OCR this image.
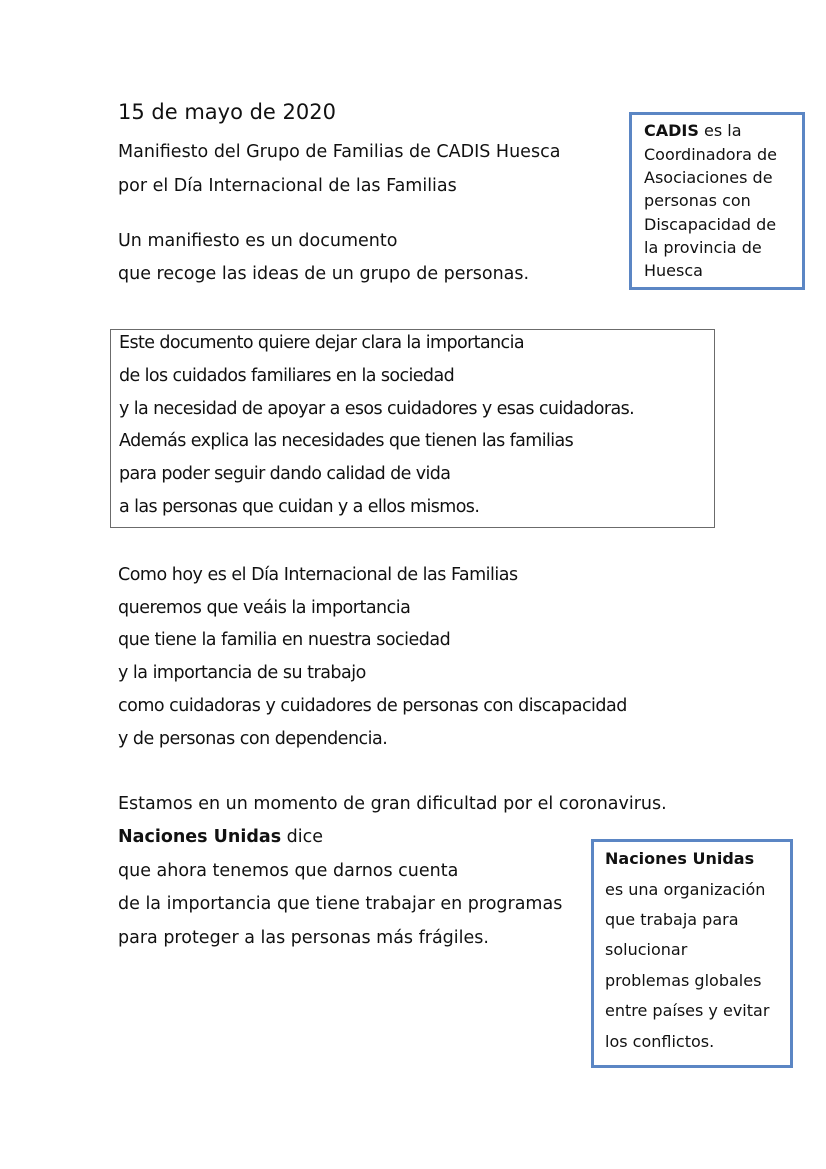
15 de mayo de 2020
Manifiesto del Grupo de Familias de CADIS Huesca
por el Día Internacional de las Familias
Un manifiesto es un documento
que recoge las ideas de un grupo de personas.
CADIS es la
Coordinadora de
Asociaciones de
personas con
Discapacidad de
la provincia de
Huesca
Este documento quiere dejar clara la importancia
de los cuidados familiares en la sociedad
y la necesidad de apoyar a esos cuidadores y esas cuidadoras.
Además explica las necesidades que tienen las familias
para poder seguir dando calidad de vida
a las personas que cuidan y a ellos mismos.
Como hoy es el Día Internacional de las Familias
queremos que veáis la importancia
que tiene la familia en nuestra sociedad
y la importancia de su trabajo
como cuidadoras y cuidadores de personas con discapacidad
y de personas con dependencia.
Estamos en un momento de gran dificultad por el coronavirus.
Naciones Unidas dice
que ahora tenemos que darnos cuenta
de la importancia que tiene trabajar en programas
para proteger a las personas más frágiles.
Naciones Unidas
es una organización
que trabaja para
solucionar
problemas globales
entre países y evitar
los conflictos.
